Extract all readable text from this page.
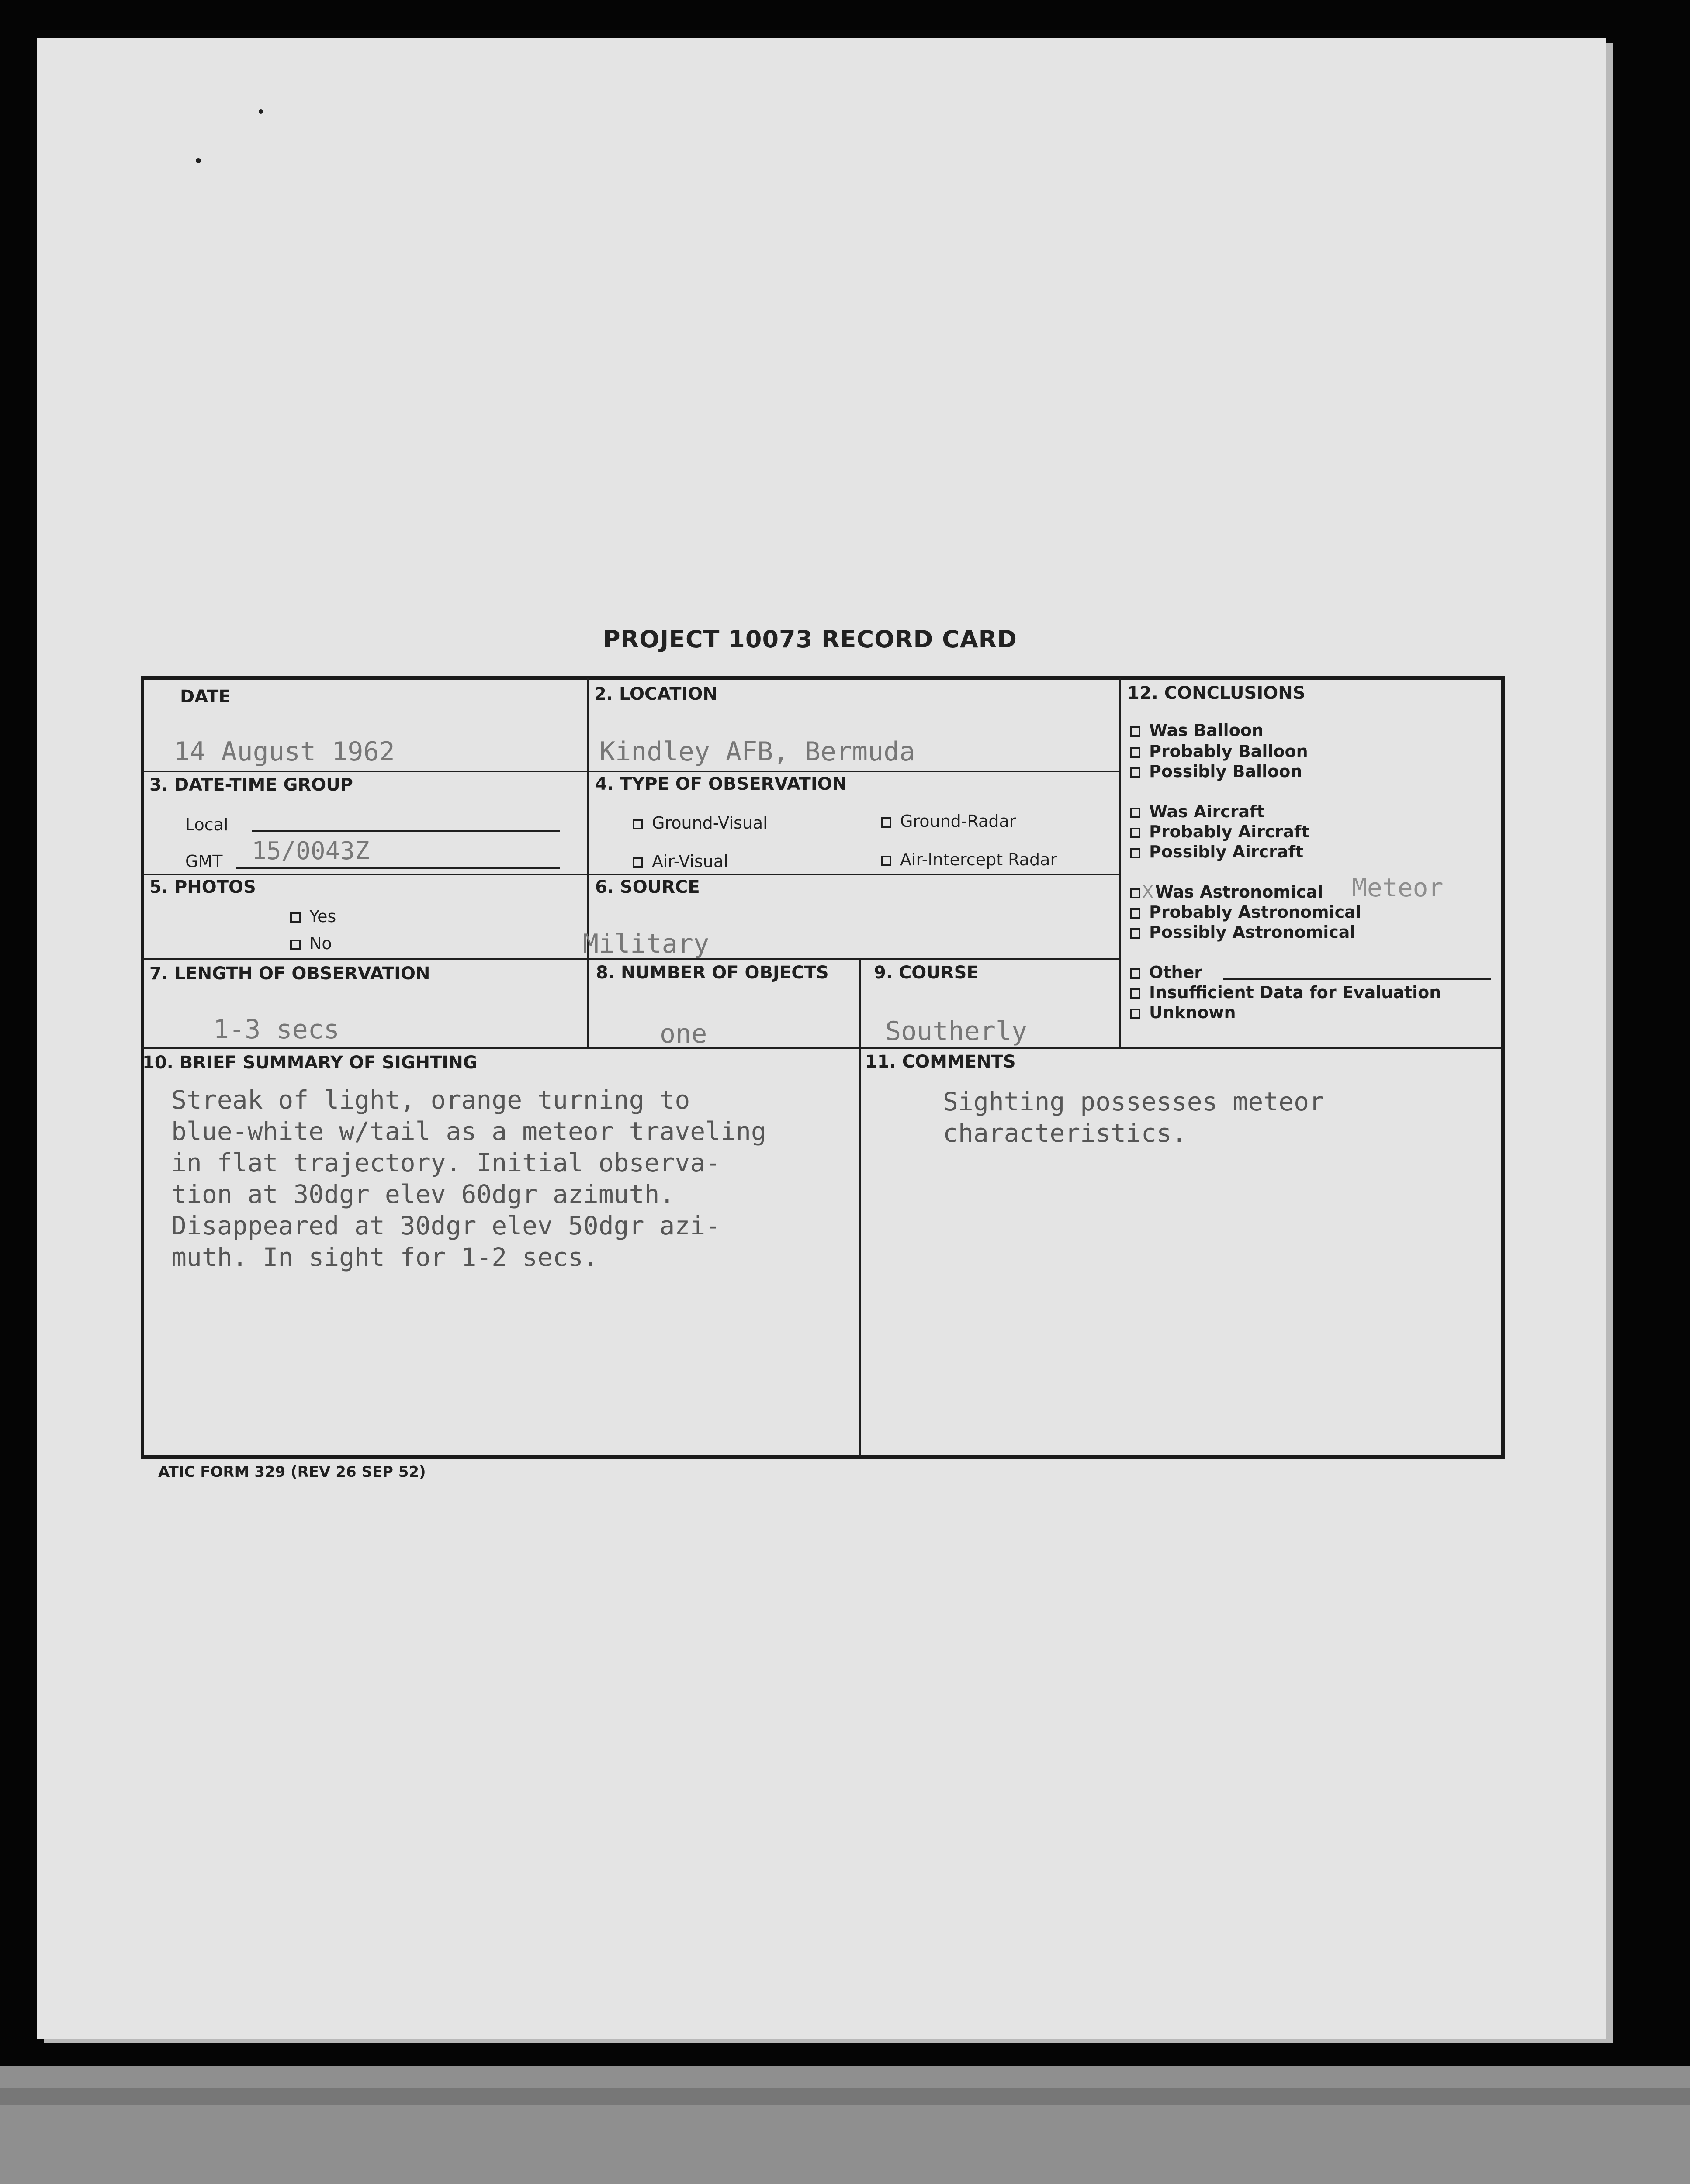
PROJECT 10073 RECORD CARD
DATE
14 August 1962
2. LOCATION
Kindley AFB, Bermuda
3. DATE-TIME GROUP
Local
GMT 15/0043Z
4. TYPE OF OBSERVATION
Ground-Visual	Ground-Radar
Air-Visual	Air-Intercept Radar
5. PHOTOS
Yes
No
6. SOURCE
Military
7. LENGTH OF OBSERVATION
1-3 secs
8. NUMBER OF OBJECTS
one
9. COURSE
Southerly
12. CONCLUSIONS
Was Balloon
Probably Balloon
Possibly Balloon
Was Aircraft
Probably Aircraft
Possibly Aircraft
X Was Astronomical Meteor
Probably Astronomical
Possibly Astronomical
Other
Insufficient Data for Evaluation
Unknown
10. BRIEF SUMMARY OF SIGHTING
Streak of light, orange turning to
blue-white w/tail as a meteor traveling
in flat trajectory. Initial observa-
tion at 30dgr elev 60dgr azimuth.
Disappeared at 30dgr elev 50dgr azi-
muth. In sight for 1-2 secs.
11. COMMENTS
Sighting possesses meteor
characteristics.
ATIC FORM 329 (REV 26 SEP 52)
